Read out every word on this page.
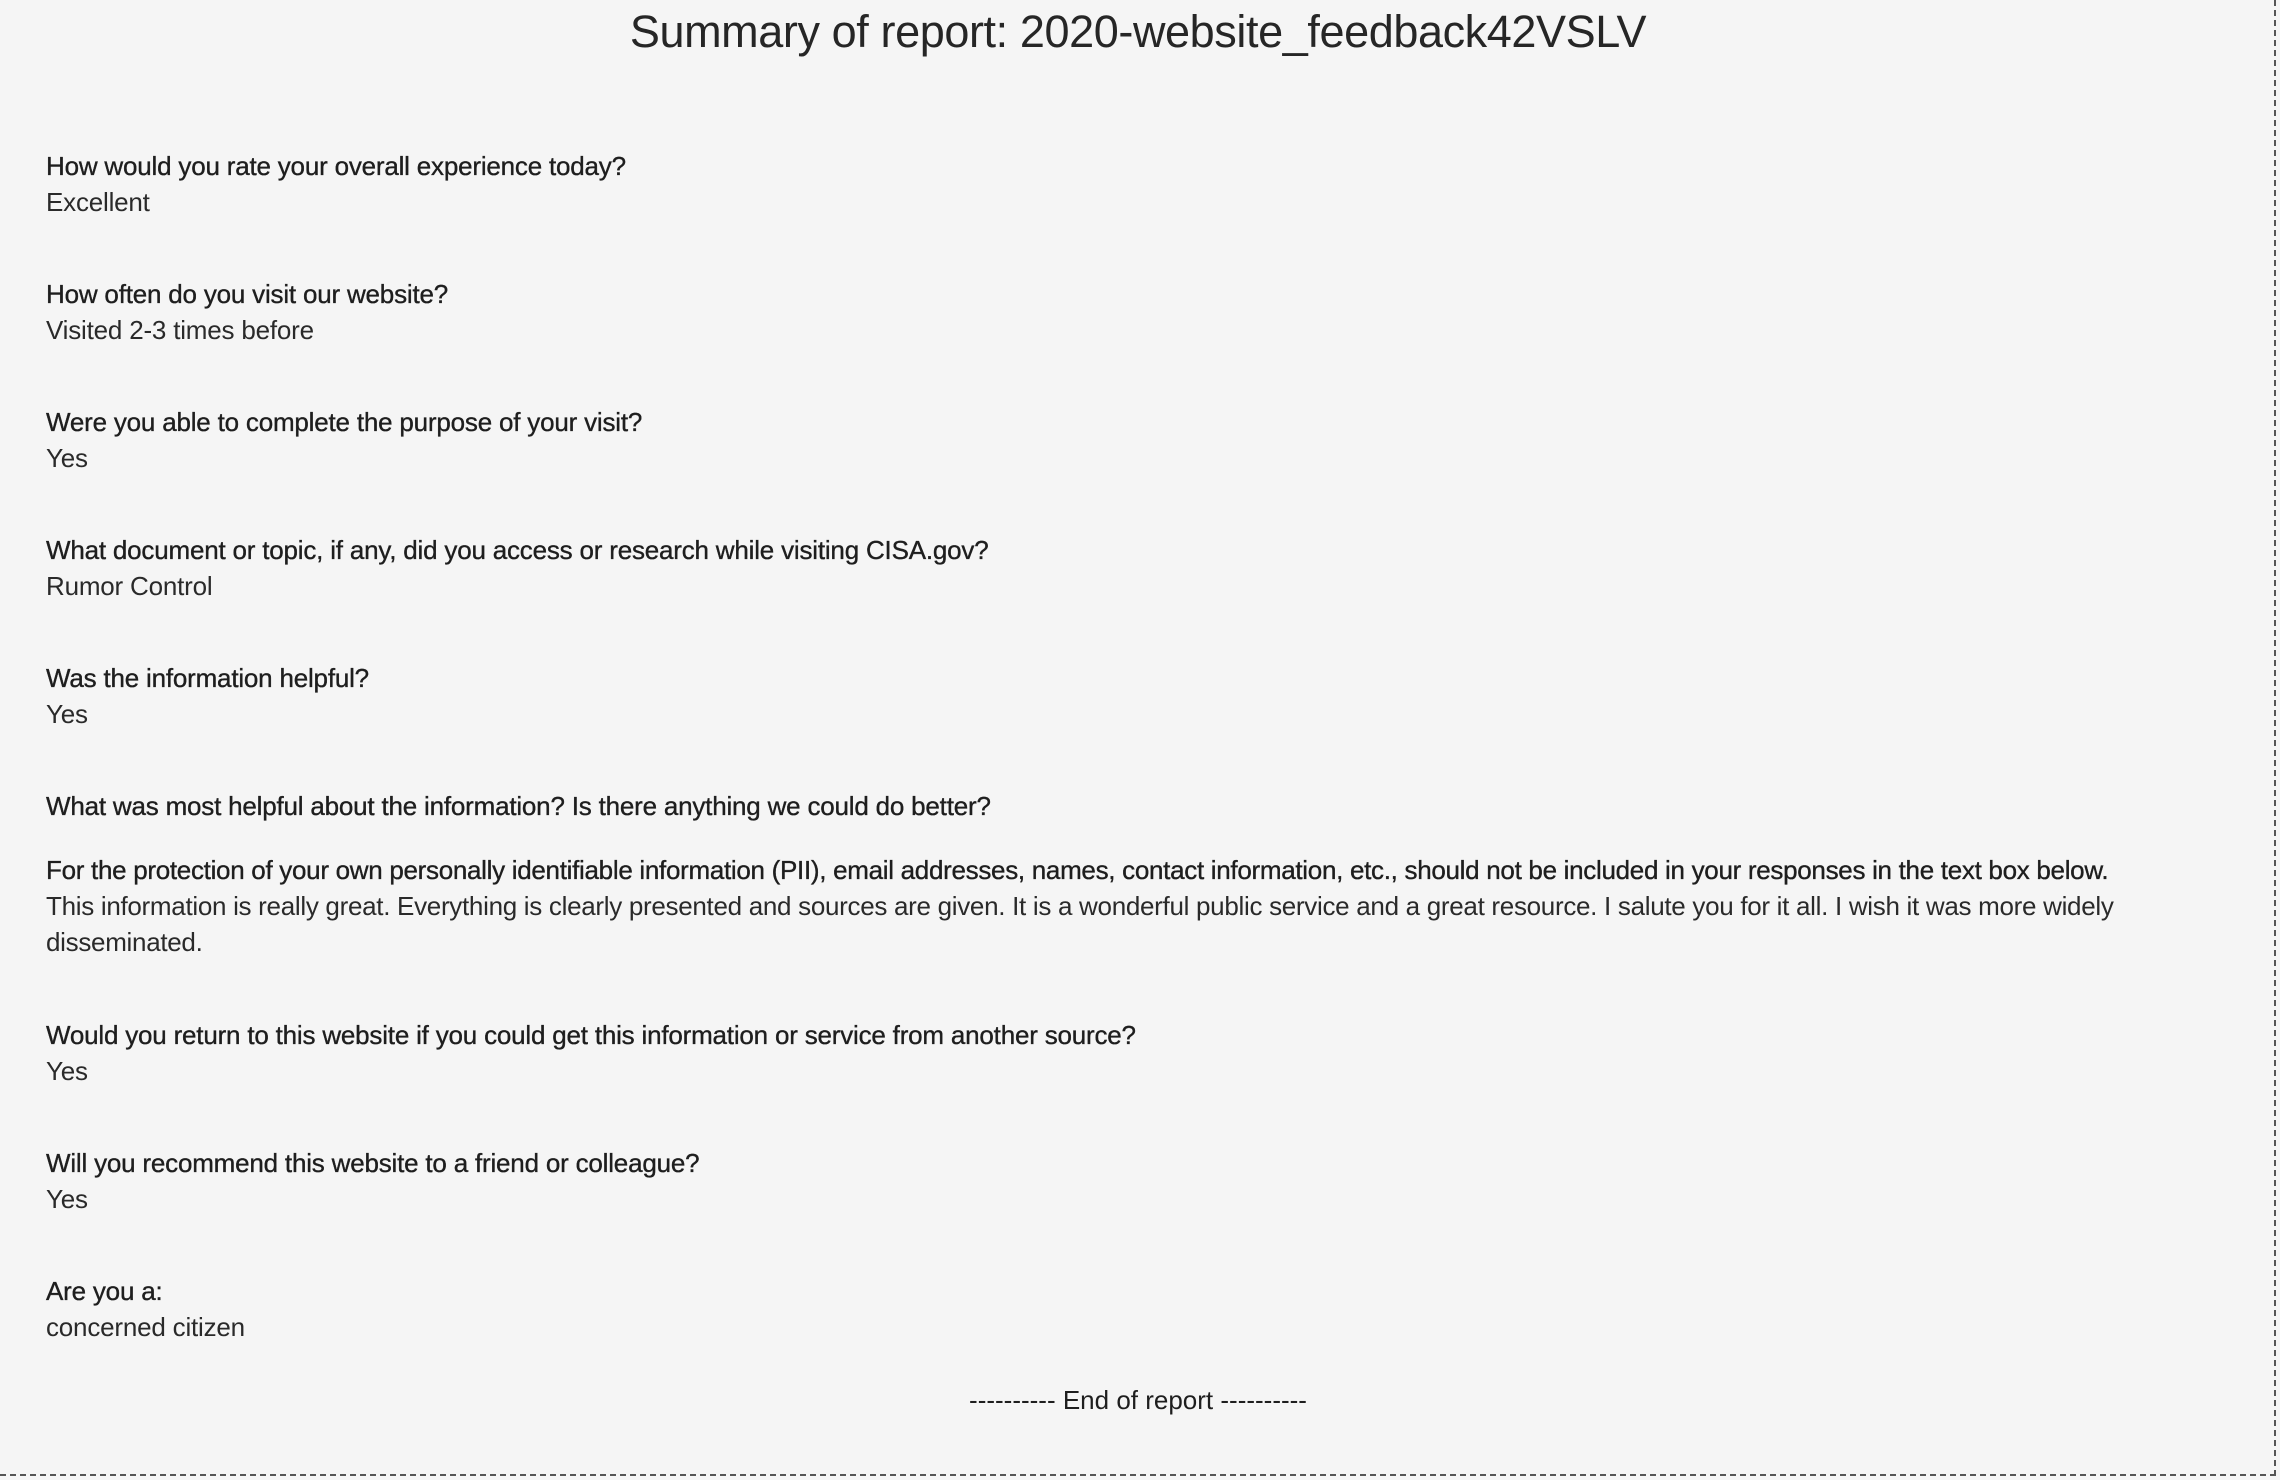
Summary of report: 2020-website_feedback42VSLV
How would you rate your overall experience today?
Excellent
How often do you visit our website?
Visited 2-3 times before
Were you able to complete the purpose of your visit?
Yes
What document or topic, if any, did you access or research while visiting CISA.gov?
Rumor Control
Was the information helpful?
Yes
What was most helpful about the information? Is there anything we could do better?
For the protection of your own personally identifiable information (PII), email addresses, names, contact information, etc., should not be included in your responses in the text box below.
This information is really great. Everything is clearly presented and sources are given. It is a wonderful public service and a great resource. I salute you for it all. I wish it was more widely disseminated.
Would you return to this website if you could get this information or service from another source?
Yes
Will you recommend this website to a friend or colleague?
Yes
Are you a:
concerned citizen
---------- End of report ----------
